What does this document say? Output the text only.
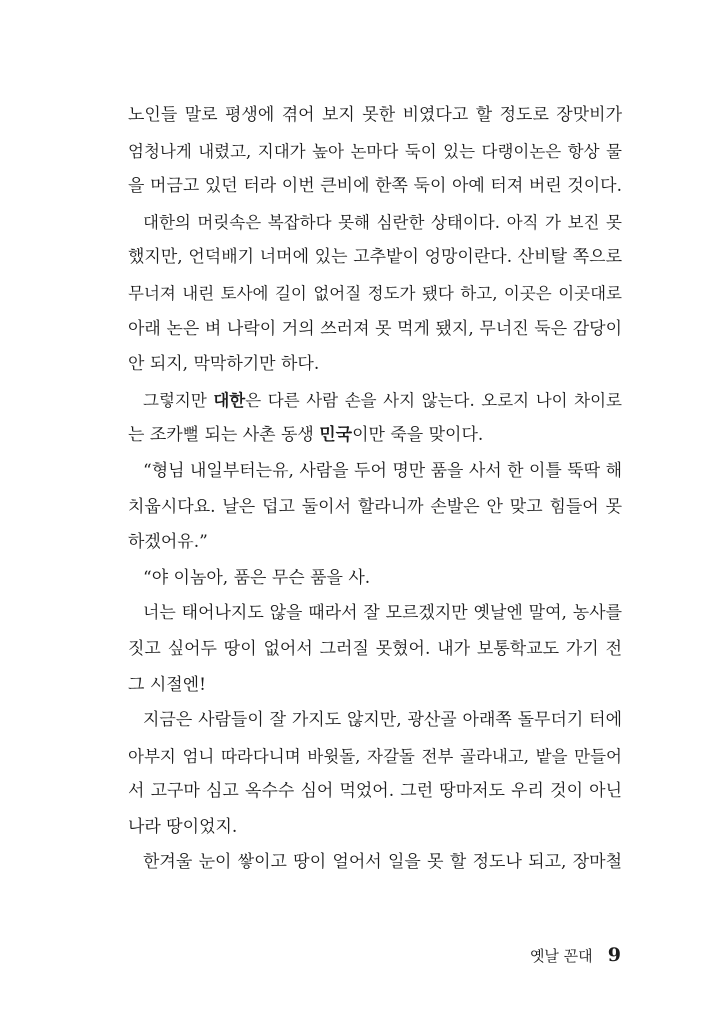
노인들 말로 평생에 겪어 보지 못한 비였다고 할 정도로 장맛비가
엄청나게 내렸고, 지대가 높아 논마다 둑이 있는 다랭이논은 항상 물
을 머금고 있던 터라 이번 큰비에 한쪽 둑이 아예 터져 버린 것이다.
대한의 머릿속은 복잡하다 못해 심란한 상태이다. 아직 가 보진 못
했지만, 언덕배기 너머에 있는 고추밭이 엉망이란다. 산비탈 쪽으로
무너져 내린 토사에 길이 없어질 정도가 됐다 하고, 이곳은 이곳대로
아래 논은 벼 나락이 거의 쓰러져 못 먹게 됐지, 무너진 둑은 감당이
안 되지, 막막하기만 하다.
그렇지만 대한은 다른 사람 손을 사지 않는다. 오로지 나이 차이로
는 조카뻘 되는 사촌 동생 민국이만 죽을 맞이다.
“형님 내일부터는유, 사람을 두어 명만 품을 사서 한 이틀 뚝딱 해
치웁시다요. 날은 덥고 둘이서 할라니까 손발은 안 맞고 힘들어 못
하겠어유.”
“야 이놈아, 품은 무슨 품을 사.
너는 태어나지도 않을 때라서 잘 모르겠지만 옛날엔 말여, 농사를
짓고 싶어두 땅이 없어서 그러질 못혔어. 내가 보통학교도 가기 전
그 시절엔!
지금은 사람들이 잘 가지도 않지만, 광산골 아래쪽 돌무더기 터에
아부지 엄니 따라다니며 바윗돌, 자갈돌 전부 골라내고, 밭을 만들어
서 고구마 심고 옥수수 심어 먹었어. 그런 땅마저도 우리 것이 아닌
나라 땅이었지.
한겨울 눈이 쌓이고 땅이 얼어서 일을 못 할 정도나 되고, 장마철
옛날 꼰대 9
